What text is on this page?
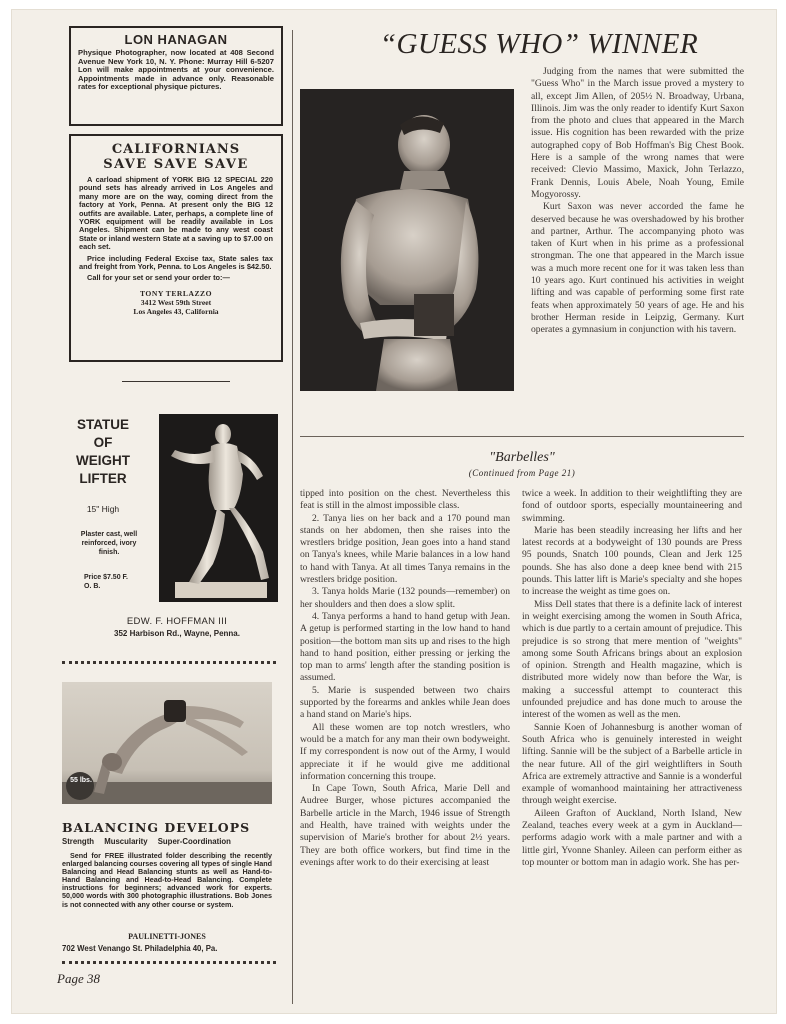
LON HANAGAN

Physique Photographer, now located at 408 Second Avenue New York 10, N. Y. Phone: Murray Hill 6-5207 Lon will make appointments at your convenience. Appointments made in advance only. Reasonable rates for exceptional physique pictures.

CALIFORNIANS
SAVE SAVE SAVE

A carload shipment of YORK BIG 12 SPECIAL 220 pound sets has already arrived in Los Angeles and many more are on the way, coming direct from the factory at York, Penna. At present only the BIG 12 outfits are available. Later, perhaps, a complete line of YORK equipment will be readily available in Los Angeles. Shipment can be made to any west coast State or inland western State at a saving up to $7.00 on each set.

Price including Federal Excise tax, State sales tax and freight from York, Penna. to Los Angeles is $42.50.

Call for your set or send your order to:—

TONY TERLAZZO
3412 West 59th Street
Los Angeles 43, California
STATUE
OF
WEIGHT
LIFTER
15" High
Plaster cast, well reinforced, ivory finish.
Price $7.50 F. O. B.
EDW. F. HOFFMAN III
352 Harbison Rd., Wayne, Penna.
55 lbs.
BALANCING DEVELOPS
Strength Muscularity Super-Coordination

Send for FREE illustrated folder describing the recently enlarged balancing courses covering all types of single Hand Balancing and Head Balancing stunts as well as Hand-to-Hand Balancing and Head-to-Head Balancing. Complete instructions for beginners; advanced work for experts. 50,000 words with 300 photographic illustrations. Bob Jones is not connected with any other course or system.

PAULINETTI-JONES
702 West Venango St. Philadelphia 40, Pa.
Page 38
“GUESS WHO” WINNER

Judging from the names that were submitted the "Guess Who" in the March issue proved a mystery to all, except Jim Allen, of 205½ N. Broadway, Urbana, Illinois. Jim was the only reader to identify Kurt Saxon from the photo and clues that appeared in the March issue. His cognition has been rewarded with the prize autographed copy of Bob Hoffman's Big Chest Book. Here is a sample of the wrong names that were received: Clevio Massimo, Maxick, John Terlazzo, Frank Dennis, Louis Abele, Noah Young, Emile Mogyorossy.

Kurt Saxon was never accorded the fame he deserved because he was overshadowed by his brother and partner, Arthur. The accompanying photo was taken of Kurt when in his prime as a professional strongman. The one that appeared in the March issue was a much more recent one for it was taken less than 10 years ago. Kurt continued his activities in weight lifting and was capable of performing some first rate feats when approximately 50 years of age. He and his brother Herman reside in Leipzig, Germany. Kurt operates a gymnasium in conjunction with his tavern.

"Barbelles"
(Continued from Page 21)

tipped into position on the chest. Nevertheless this feat is still in the almost impossible class.

2. Tanya lies on her back and a 170 pound man stands on her abdomen, then she raises into the wrestlers bridge position, Jean goes into a hand stand on Tanya's knees, while Marie balances in a low hand to hand with Tanya. At all times Tanya remains in the wrestlers bridge position.

3. Tanya holds Marie (132 pounds—remember) on her shoulders and then does a slow split.

4. Tanya performs a hand to hand getup with Jean. A getup is performed starting in the low hand to hand position—the bottom man sits up and rises to the high hand to hand position, either pressing or jerking the top man to arms' length after the standing position is assumed.

5. Marie is suspended between two chairs supported by the forearms and ankles while Jean does a hand stand on Marie's hips.

All these women are top notch wrestlers, who would be a match for any man their own bodyweight. If my correspondent is now out of the Army, I would appreciate it if he would give me additional information concerning this troupe.

In Cape Town, South Africa, Marie Dell and Audree Burger, whose pictures accompanied the Barbelle article in the March, 1946 issue of Strength and Health, have trained with weights under the supervision of Marie's brother for about 2½ years. They are both office workers, but find time in the evenings after work to do their exercising at least

twice a week. In addition to their weightlifting they are fond of outdoor sports, especially mountaineering and swimming.

Marie has been steadily increasing her lifts and her latest records at a bodyweight of 130 pounds are Press 95 pounds, Snatch 100 pounds, Clean and Jerk 125 pounds. She has also done a deep knee bend with 215 pounds. This latter lift is Marie's specialty and she hopes to increase the weight as time goes on.

Miss Dell states that there is a definite lack of interest in weight exercising among the women in South Africa, which is due partly to a certain amount of prejudice. This prejudice is so strong that mere mention of "weights" among some South Africans brings about an explosion of opinion. Strength and Health magazine, which is distributed more widely now than before the War, is making a successful attempt to counteract this unfounded prejudice and has done much to arouse the interest of the women as well as the men.

Sannie Koen of Johannesburg is another woman of South Africa who is genuinely interested in weight lifting. Sannie will be the subject of a Barbelle article in the near future. All of the girl weightlifters in South Africa are extremely attractive and Sannie is a wonderful example of womanhood maintaining her attractiveness through weight exercise.

Aileen Grafton of Auckland, North Island, New Zealand, teaches every week at a gym in Auckland—performs adagio work with a male partner and with a little girl, Yvonne Shanley. Aileen can perform either as top mounter or bottom man in adagio work. She has per-
